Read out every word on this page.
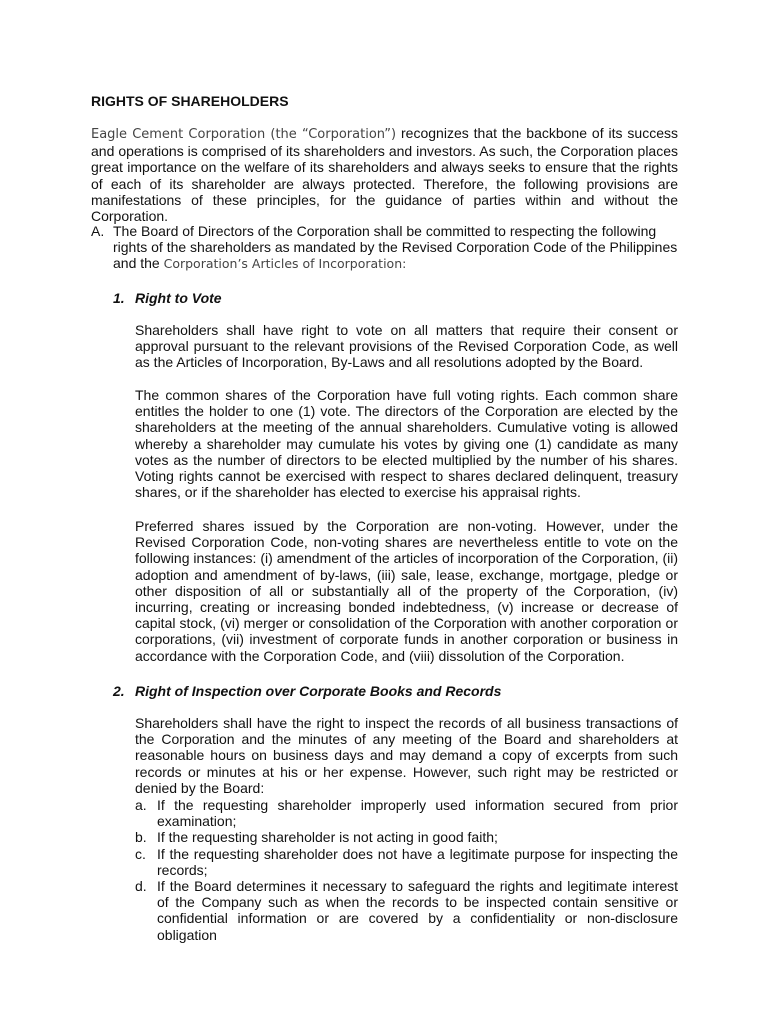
RIGHTS OF SHAREHOLDERS
Eagle Cement Corporation (the “Corporation”) recognizes that the backbone of its success and operations is comprised of its shareholders and investors. As such, the Corporation places great importance on the welfare of its shareholders and always seeks to ensure that the rights of each of its shareholder are always protected. Therefore, the following provisions are manifestations of these principles, for the guidance of parties within and without the Corporation.
A. The Board of Directors of the Corporation shall be committed to respecting the following rights of the shareholders as mandated by the Revised Corporation Code of the Philippines and the Corporation’s Articles of Incorporation:
1. Right to Vote
Shareholders shall have right to vote on all matters that require their consent or approval pursuant to the relevant provisions of the Revised Corporation Code, as well as the Articles of Incorporation, By-Laws and all resolutions adopted by the Board.
The common shares of the Corporation have full voting rights. Each common share entitles the holder to one (1) vote. The directors of the Corporation are elected by the shareholders at the meeting of the annual shareholders. Cumulative voting is allowed whereby a shareholder may cumulate his votes by giving one (1) candidate as many votes as the number of directors to be elected multiplied by the number of his shares. Voting rights cannot be exercised with respect to shares declared delinquent, treasury shares, or if the shareholder has elected to exercise his appraisal rights.
Preferred shares issued by the Corporation are non-voting. However, under the Revised Corporation Code, non-voting shares are nevertheless entitle to vote on the following instances: (i) amendment of the articles of incorporation of the Corporation, (ii) adoption and amendment of by-laws, (iii) sale, lease, exchange, mortgage, pledge or other disposition of all or substantially all of the property of the Corporation, (iv) incurring, creating or increasing bonded indebtedness, (v) increase or decrease of capital stock, (vi) merger or consolidation of the Corporation with another corporation or corporations, (vii) investment of corporate funds in another corporation or business in accordance with the Corporation Code, and (viii) dissolution of the Corporation.
2. Right of Inspection over Corporate Books and Records
Shareholders shall have the right to inspect the records of all business transactions of the Corporation and the minutes of any meeting of the Board and shareholders at reasonable hours on business days and may demand a copy of excerpts from such records or minutes at his or her expense. However, such right may be restricted or denied by the Board:
a. If the requesting shareholder improperly used information secured from prior examination;
b. If the requesting shareholder is not acting in good faith;
c. If the requesting shareholder does not have a legitimate purpose for inspecting the records;
d. If the Board determines it necessary to safeguard the rights and legitimate interest of the Company such as when the records to be inspected contain sensitive or confidential information or are covered by a confidentiality or non-disclosure obligation
